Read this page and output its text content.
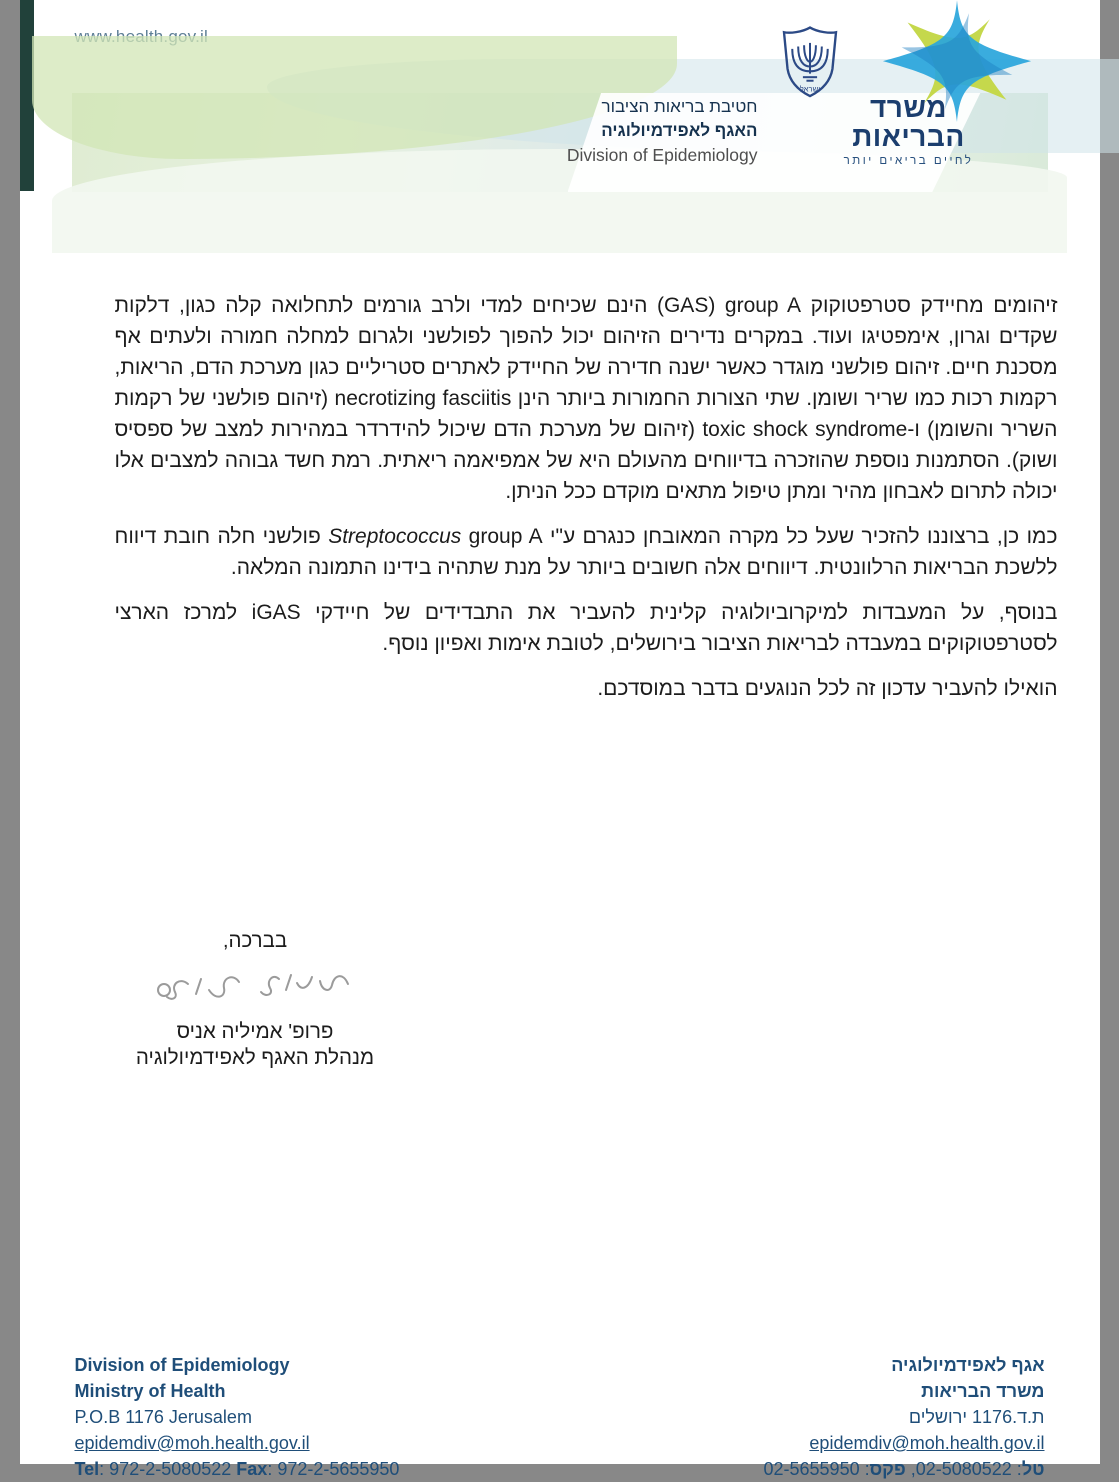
חטיבת בריאות הציבור
האגף לאפידמיולוגיה
Division of Epidemiology
ישראל
משרד
הבריאות
לחיים בריאים יותר

זיהומים מחיידק סטרפטוקוק (GAS) group A הינם שכיחים למדי ולרב גורמים לתחלואה קלה כגון, דלקות שקדים וגרון, אימפטיגו ועוד. במקרים נדירים הזיהום יכול להפוך לפולשני ולגרום למחלה חמורה ולעתים אף מסכנת חיים. זיהום פולשני מוגדר כאשר ישנה חדירה של החיידק לאתרים סטריליים כגון מערכת הדם, הריאות, רקמות רכות כמו שריר ושומן. שתי הצורות החמורות ביותר הינן necrotizing fasciitis (זיהום פולשני של רקמות השריר והשומן) ו-toxic shock syndrome (זיהום של מערכת הדם שיכול להידרדר במהירות למצב של ספסיס ושוק). הסתמנות נוספת שהוזכרה בדיווחים מהעולם היא של אמפיאמה ריאתית. רמת חשד גבוהה למצבים אלו יכולה לתרום לאבחון מהיר ומתן טיפול מתאים מוקדם ככל הניתן.

כמו כן, ברצוננו להזכיר שעל כל מקרה המאובחן כנגרם ע"י Streptococcus group A פולשני חלה חובת דיווח ללשכת הבריאות הרלוונטית. דיווחים אלה חשובים ביותר על מנת שתהיה בידינו התמונה המלאה.

בנוסף, על המעבדות למיקרוביולוגיה קלינית להעביר את התבדידים של חיידקי iGAS למרכז הארצי לסטרפטוקוקים במעבדה לבריאות הציבור בירושלים, לטובת אימות ואפיון נוסף.

הואילו להעביר עדכון זה לכל הנוגעים בדבר במוסדכם.

בברכה,
פרופ' אמיליה אניס
מנהלת האגף לאפידמיולוגיה
Division of Epidemiology
Ministry of Health
P.O.B 1176 Jerusalem
epidemdiv@moh.health.gov.il
Tel: 972-2-5080522 Fax: 972-2-5655950
אגף לאפידמיולוגיה
משרד הבריאות
ת.ד.1176 ירושלים
epidemdiv@moh.health.gov.il
טל: 02-5080522, פקס: 02-5655950
